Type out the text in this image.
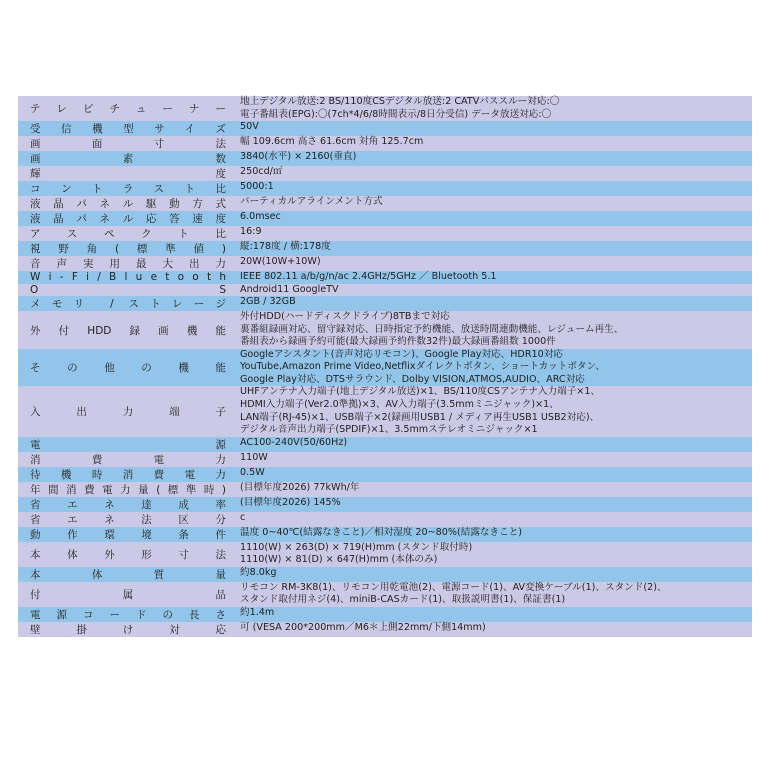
テレビチューナー
地上デジタル放送:2 BS/110度CSデジタル放送:2 CATVパススルー対応:〇
電子番組表(EPG):〇(7ch*4/6/8時間表示/8日分受信) データ放送対応:〇
受信機型サイズ 50V
画 面 寸 法 幅 109.6cm 高さ 61.6cm 対角 125.7cm
画 素 数 3840(水平) × 2160(垂直)
輝 度 250cd/㎡
コントラスト比 5000:1
液晶パネル駆動方式 バーティカルアラインメント方式
液晶パネル応答速度 6.0msec
アスペクト比 16:9
視野角(標準値) 縦:178度 / 横:178度
音声実用最大出力 20W(10W+10W)
W i - F i / B l u e t o o t h IEEE 802.11 a/b/g/n/ac 2.4GHz/5GHz ／ Bluetooth 5.1
O S Android11 GoogleTV
メモリ / ストレージ 2GB / 32GB
外付HDD録画機能
外付HDD(ハードディスクドライブ)8TBまで対応
裏番組録画対応、留守録対応、日時指定予約機能、放送時間連動機能、レジューム再生、
番組表から録画予約可能(最大録画予約件数32件)最大録画番組数 1000件
その他の機能
Googleアシスタント(音声対応リモコン)、Google Play対応、HDR10対応
YouTube,Amazon Prime Video,Netflixダイレクトボタン、ショートカットボタン、
Google Play対応、DTSサラウンド、Dolby VISION,ATMOS,AUDIO、ARC対応
入 出 力 端 子
UHFアンテナ入力端子(地上デジタル放送)×1、BS/110度CSアンテナ入力端子×1、
HDMI入力端子(Ver2.0準拠)×3、AV入力端子(3.5mmミニジャック)×1、
LAN端子(RJ-45)×1、USB端子×2(録画用USB1 / メディア再生USB1 USB2対応)、
デジタル音声出力端子(SPDIF)×1、3.5mmステレオミニジャック×1
電 源 AC100-240V(50/60Hz)
消 費 電 力 110W
待機時消費電力 0.5W
年間消費電力量(標準時) (目標年度2026) 77kWh/年
省エネ達成率 (目標年度2026) 145%
省エネ法区分 c
動作環境条件 温度 0~40℃(結露なきこと)／相対湿度 20~80%(結露なきこと)
本体外形寸法
1110(W) × 263(D) × 719(H)mm (スタンド取付時)
1110(W) × 81(D) × 647(H)mm (本体のみ)
本 体 質 量 約8.0kg
付 属 品
リモコン RM-3K8(1)、リモコン用乾電池(2)、電源コード(1)、AV変換ケーブル(1)、スタンド(2)、
スタンド取付用ネジ(4)、miniB-CASカード(1)、取扱説明書(1)、保証書(1)
電源コードの長さ 約1.4m
壁 掛 け 対 応 可 (VESA 200*200mm／M6＊上側22mm/下側14mm)
